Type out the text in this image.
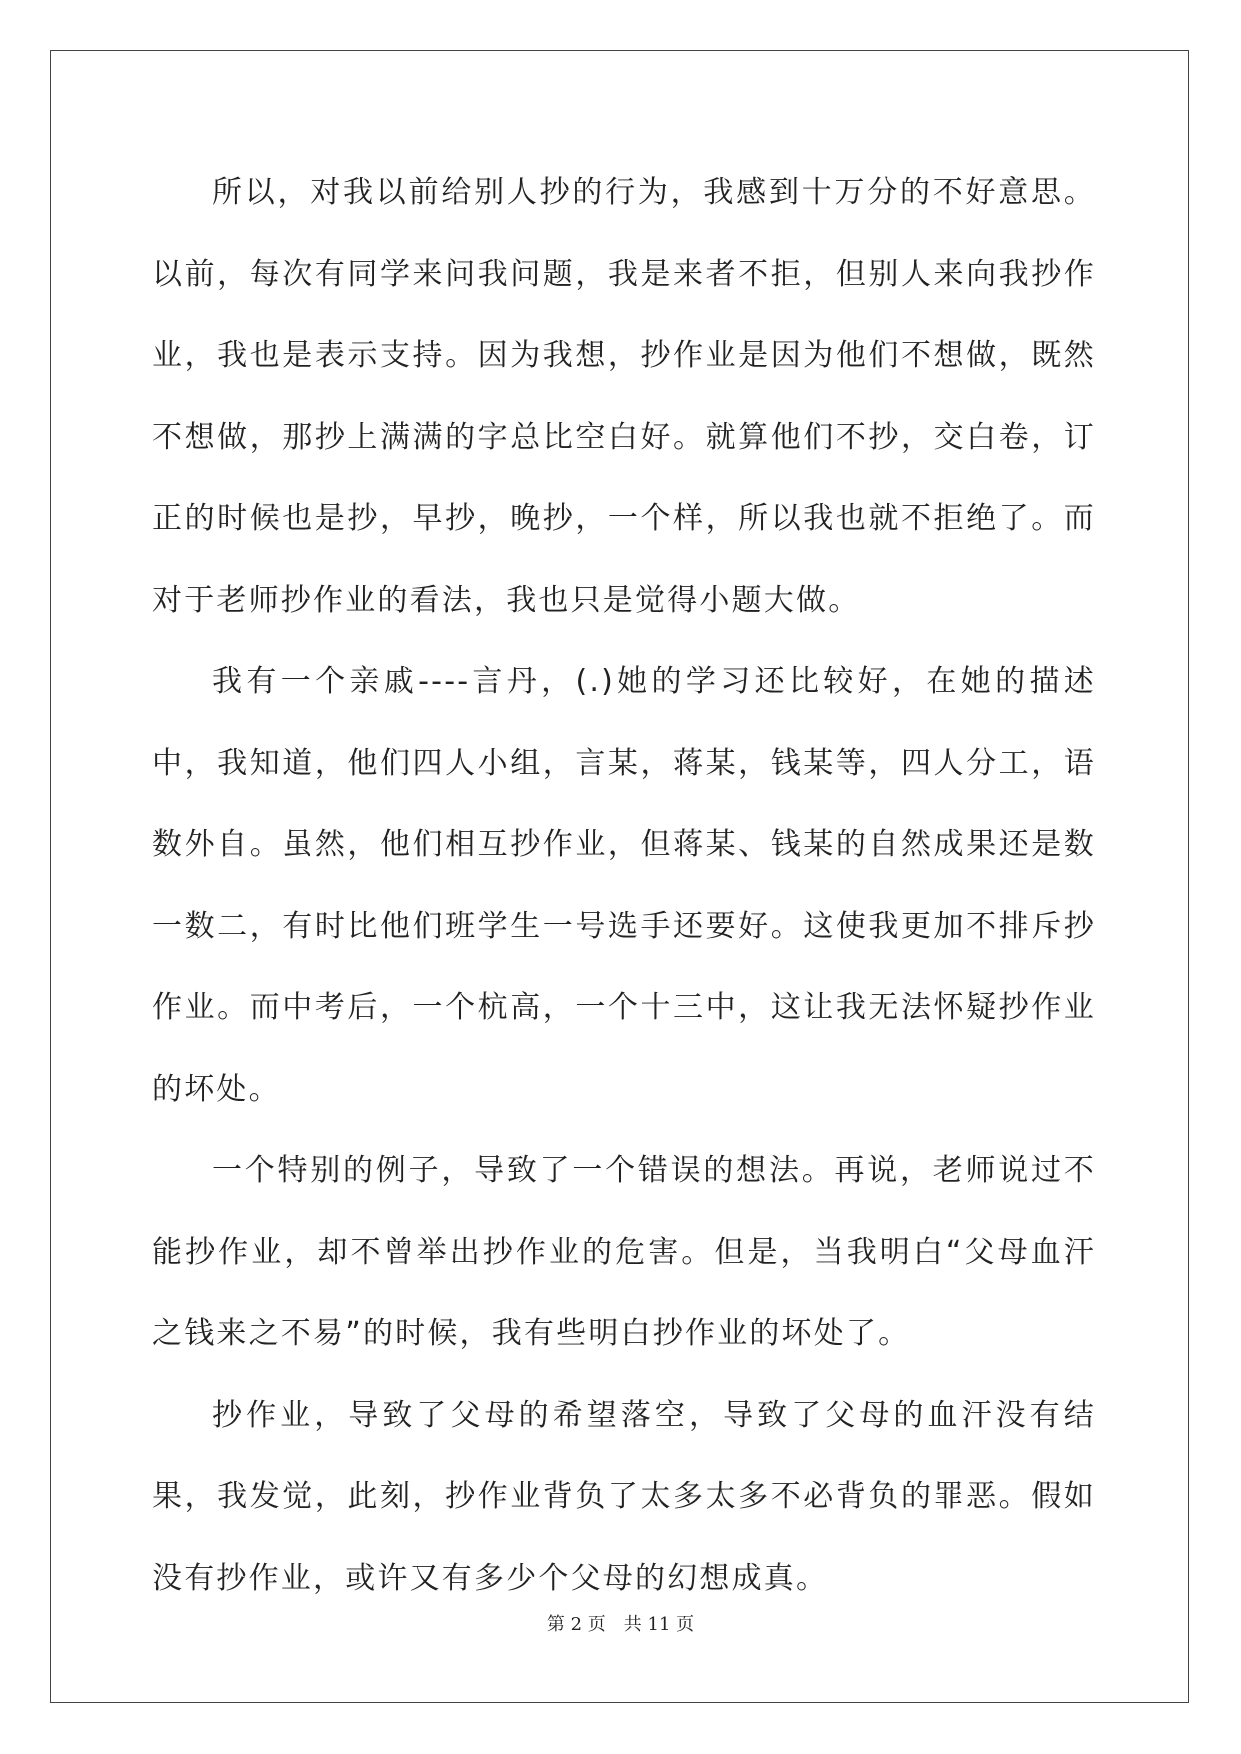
所以，对我以前给别人抄的行为，我感到十万分的不好意思。以前，每次有同学来问我问题，我是来者不拒，但别人来向我抄作业，我也是表示支持。因为我想，抄作业是因为他们不想做，既然不想做，那抄上满满的字总比空白好。就算他们不抄，交白卷，订正的时候也是抄，早抄，晚抄，一个样，所以我也就不拒绝了。而对于老师抄作业的看法，我也只是觉得小题大做。

我有一个亲戚----言丹，(.)她的学习还比较好，在她的描述中，我知道，他们四人小组，言某，蒋某，钱某等，四人分工，语数外自。虽然，他们相互抄作业，但蒋某、钱某的自然成果还是数一数二，有时比他们班学生一号选手还要好。这使我更加不排斥抄作业。而中考后，一个杭高，一个十三中，这让我无法怀疑抄作业的坏处。

一个特别的例子，导致了一个错误的想法。再说，老师说过不能抄作业，却不曾举出抄作业的危害。但是，当我明白“父母血汗之钱来之不易”的时候，我有些明白抄作业的坏处了。

抄作业，导致了父母的希望落空，导致了父母的血汗没有结果，我发觉，此刻，抄作业背负了太多太多不必背负的罪恶。假如没有抄作业，或许又有多少个父母的幻想成真。

第 2 页　共 11 页
